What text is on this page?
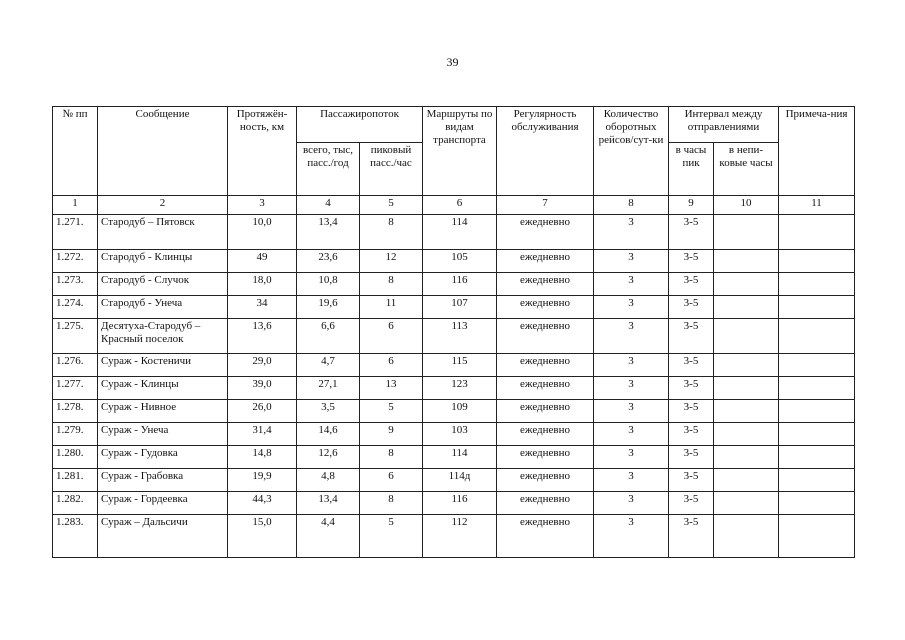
39
№ пп	Сообщение	Протяжён-ность, км	Пассажиропоток		Маршруты по видам транспорта	Регулярность обслуживания	Количество оборотных рейсов/сут-ки	Интервал между отправлениями		Примеча-ния
			всего, тыс, пасс./год	пиковый пасс./час				в часы пик	в непи-ковые часы	
1	2	3	4	5	6	7	8	9	10	11
1.271.	Стародуб – Пятовск	10,0	13,4	8	114	ежедневно	3	3-5		
1.272.	Стародуб - Клинцы	49	23,6	12	105	ежедневно	3	3-5		
1.273.	Стародуб - Случок	18,0	10,8	8	116	ежедневно	3	3-5		
1.274.	Стародуб - Унеча	34	19,6	11	107	ежедневно	3	3-5		
1.275.	Десятуха-Стародуб – Красный поселок	13,6	6,6	6	113	ежедневно	3	3-5		
1.276.	Сураж - Костеничи	29,0	4,7	6	115	ежедневно	3	3-5		
1.277.	Сураж - Клинцы	39,0	27,1	13	123	ежедневно	3	3-5		
1.278.	Сураж - Нивное	26,0	3,5	5	109	ежедневно	3	3-5		
1.279.	Сураж - Унеча	31,4	14,6	9	103	ежедневно	3	3-5		
1.280.	Сураж - Гудовка	14,8	12,6	8	114	ежедневно	3	3-5		
1.281.	Сураж - Грабовка	19,9	4,8	6	114д	ежедневно	3	3-5		
1.282.	Сураж - Гордеевка	44,3	13,4	8	116	ежедневно	3	3-5		
1.283.	Сураж – Дальсичи	15,0	4,4	5	112	ежедневно	3	3-5		
